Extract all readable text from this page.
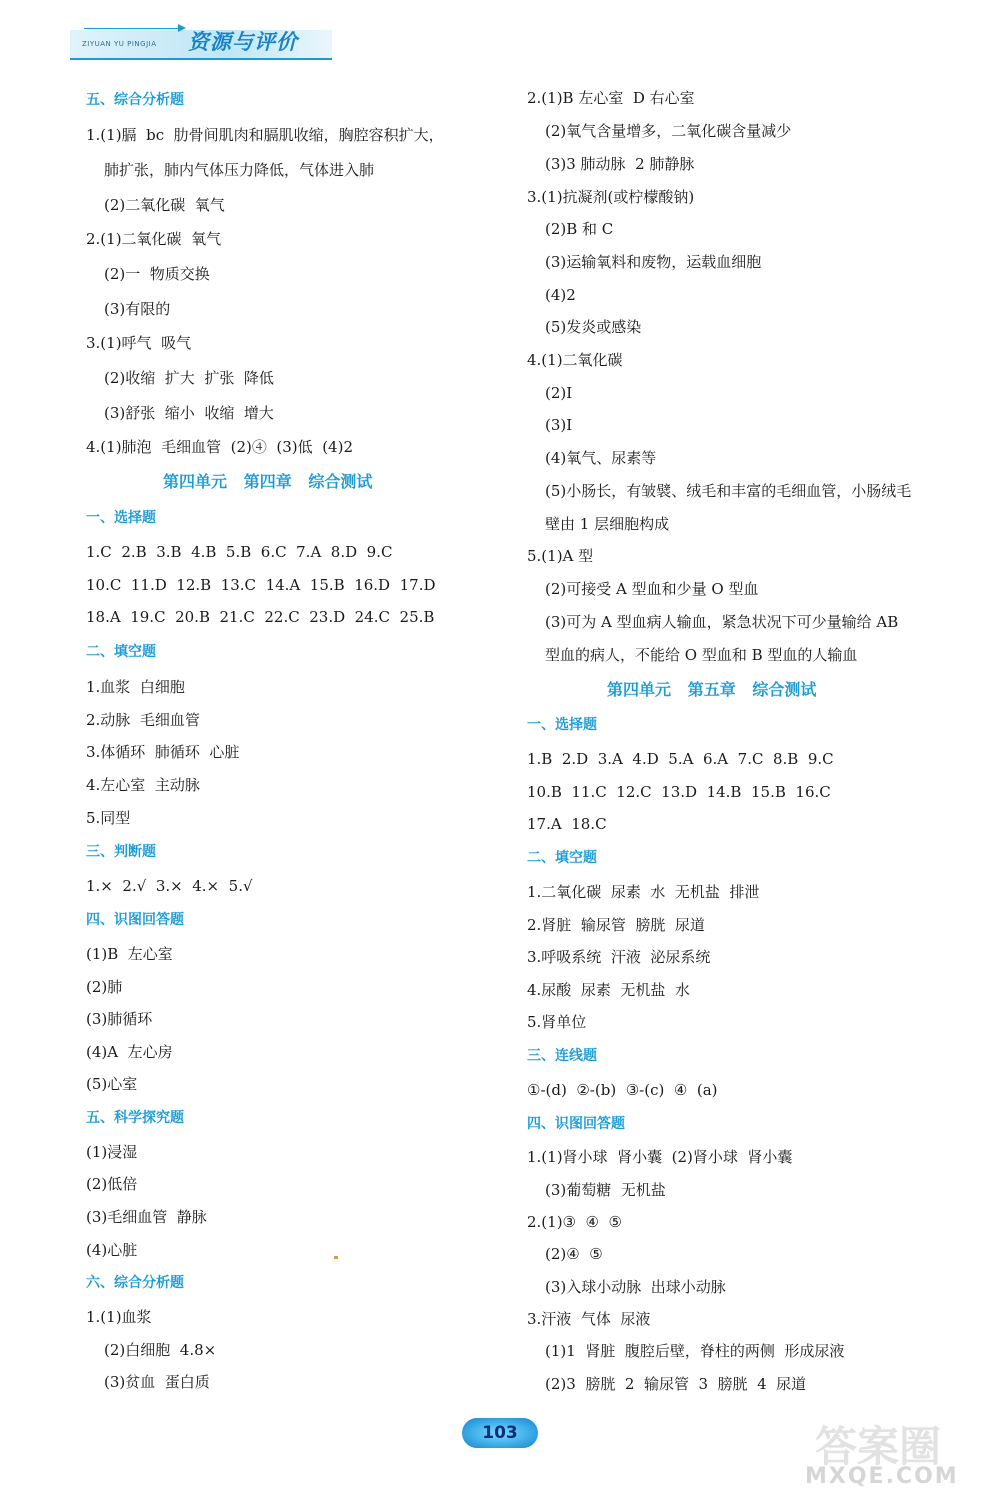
ZIYUAN YU PINGJIA 资源与评价
五、综合分析题
1.(1)膈  bc  肋骨间肌肉和膈肌收缩，胸腔容积扩大，
肺扩张，肺内气体压力降低，气体进入肺
(2)二氧化碳  氧气
2.(1)二氧化碳  氧气
(2)一  物质交换
(3)有限的
3.(1)呼气  吸气
(2)收缩  扩大  扩张  降低
(3)舒张  缩小  收缩  增大
4.(1)肺泡  毛细血管  (2)④  (3)低  (4)2
第四单元   第四章   综合测试
一、选择题
1.C  2.B  3.B  4.B  5.B  6.C  7.A  8.D  9.C
10.C  11.D  12.B  13.C  14.A  15.B  16.D  17.D
18.A  19.C  20.B  21.C  22.C  23.D  24.C  25.B
二、填空题
1.血浆  白细胞
2.动脉  毛细血管
3.体循环  肺循环  心脏
4.左心室  主动脉
5.同型
三、判断题
1.×  2.√  3.×  4.×  5.√
四、识图回答题
(1)B  左心室
(2)肺
(3)肺循环
(4)A  左心房
(5)心室
五、科学探究题
(1)浸湿
(2)低倍
(3)毛细血管  静脉
(4)心脏
六、综合分析题
1.(1)血浆
(2)白细胞  4.8×
(3)贫血  蛋白质
2.(1)B 左心室  D 右心室
(2)氧气含量增多，二氧化碳含量减少
(3)3 肺动脉  2 肺静脉
3.(1)抗凝剂(或柠檬酸钠)
(2)B 和 C
(3)运输氧料和废物，运载血细胞
(4)2
(5)发炎或感染
4.(1)二氧化碳
(2)I
(3)I
(4)氧气、尿素等
(5)小肠长，有皱襞、绒毛和丰富的毛细血管，小肠绒毛
壁由 1 层细胞构成
5.(1)A 型
(2)可接受 A 型血和少量 O 型血
(3)可为 A 型血病人输血，紧急状况下可少量输给 AB
型血的病人，不能给 O 型血和 B 型血的人输血
第四单元   第五章   综合测试
一、选择题
1.B  2.D  3.A  4.D  5.A  6.A  7.C  8.B  9.C
10.B  11.C  12.C  13.D  14.B  15.B  16.C
17.A  18.C
二、填空题
1.二氧化碳  尿素  水  无机盐  排泄
2.肾脏  输尿管  膀胱  尿道
3.呼吸系统  汗液  泌尿系统
4.尿酸  尿素  无机盐  水
5.肾单位
三、连线题
①-(d)  ②-(b)  ③-(c)  ④  (a)
四、识图回答题
1.(1)肾小球  肾小囊  (2)肾小球  肾小囊
(3)葡萄糖  无机盐
2.(1)③  ④  ⑤
(2)④  ⑤
(3)入球小动脉  出球小动脉
3.汗液  气体  尿液
(1)1  肾脏  腹腔后壁，脊柱的两侧  形成尿液
(2)3  膀胱  2  输尿管  3  膀胱  4  尿道
103	答案圈
MXQE.COM
